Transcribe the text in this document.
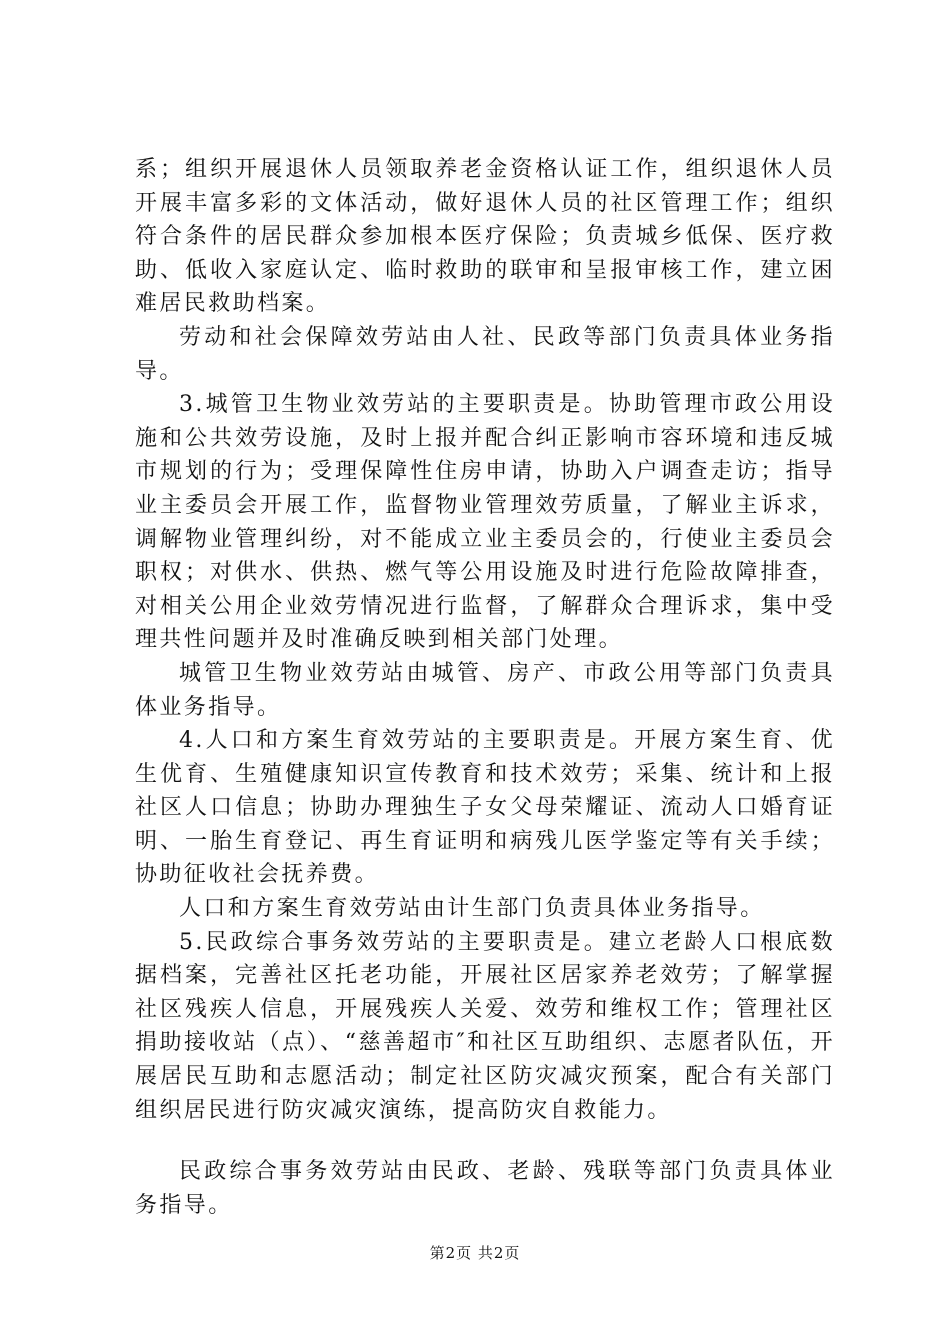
系；组织开展退休人员领取养老金资格认证工作，组织退休人员开展丰富多彩的文体活动，做好退休人员的社区管理工作；组织符合条件的居民群众参加根本医疗保险；负责城乡低保、医疗救助、低收入家庭认定、临时救助的联审和呈报审核工作，建立困难居民救助档案。

劳动和社会保障效劳站由人社、民政等部门负责具体业务指导。

3.城管卫生物业效劳站的主要职责是。协助管理市政公用设施和公共效劳设施，及时上报并配合纠正影响市容环境和违反城市规划的行为；受理保障性住房申请，协助入户调查走访；指导业主委员会开展工作，监督物业管理效劳质量，了解业主诉求，调解物业管理纠纷，对不能成立业主委员会的，行使业主委员会职权；对供水、供热、燃气等公用设施及时进行危险故障排查，对相关公用企业效劳情况进行监督，了解群众合理诉求，集中受理共性问题并及时准确反映到相关部门处理。

城管卫生物业效劳站由城管、房产、市政公用等部门负责具体业务指导。

4.人口和方案生育效劳站的主要职责是。开展方案生育、优生优育、生殖健康知识宣传教育和技术效劳；采集、统计和上报社区人口信息；协助办理独生子女父母荣耀证、流动人口婚育证明、一胎生育登记、再生育证明和病残儿医学鉴定等有关手续；协助征收社会抚养费。

人口和方案生育效劳站由计生部门负责具体业务指导。

5.民政综合事务效劳站的主要职责是。建立老龄人口根底数据档案，完善社区托老功能，开展社区居家养老效劳；了解掌握社区残疾人信息，开展残疾人关爱、效劳和维权工作；管理社区捐助接收站（点）、“慈善超市″和社区互助组织、志愿者队伍，开展居民互助和志愿活动；制定社区防灾减灾预案，配合有关部门组织居民进行防灾减灾演练，提高防灾自救能力。

民政综合事务效劳站由民政、老龄、残联等部门负责具体业务指导。

第2页 共2页
